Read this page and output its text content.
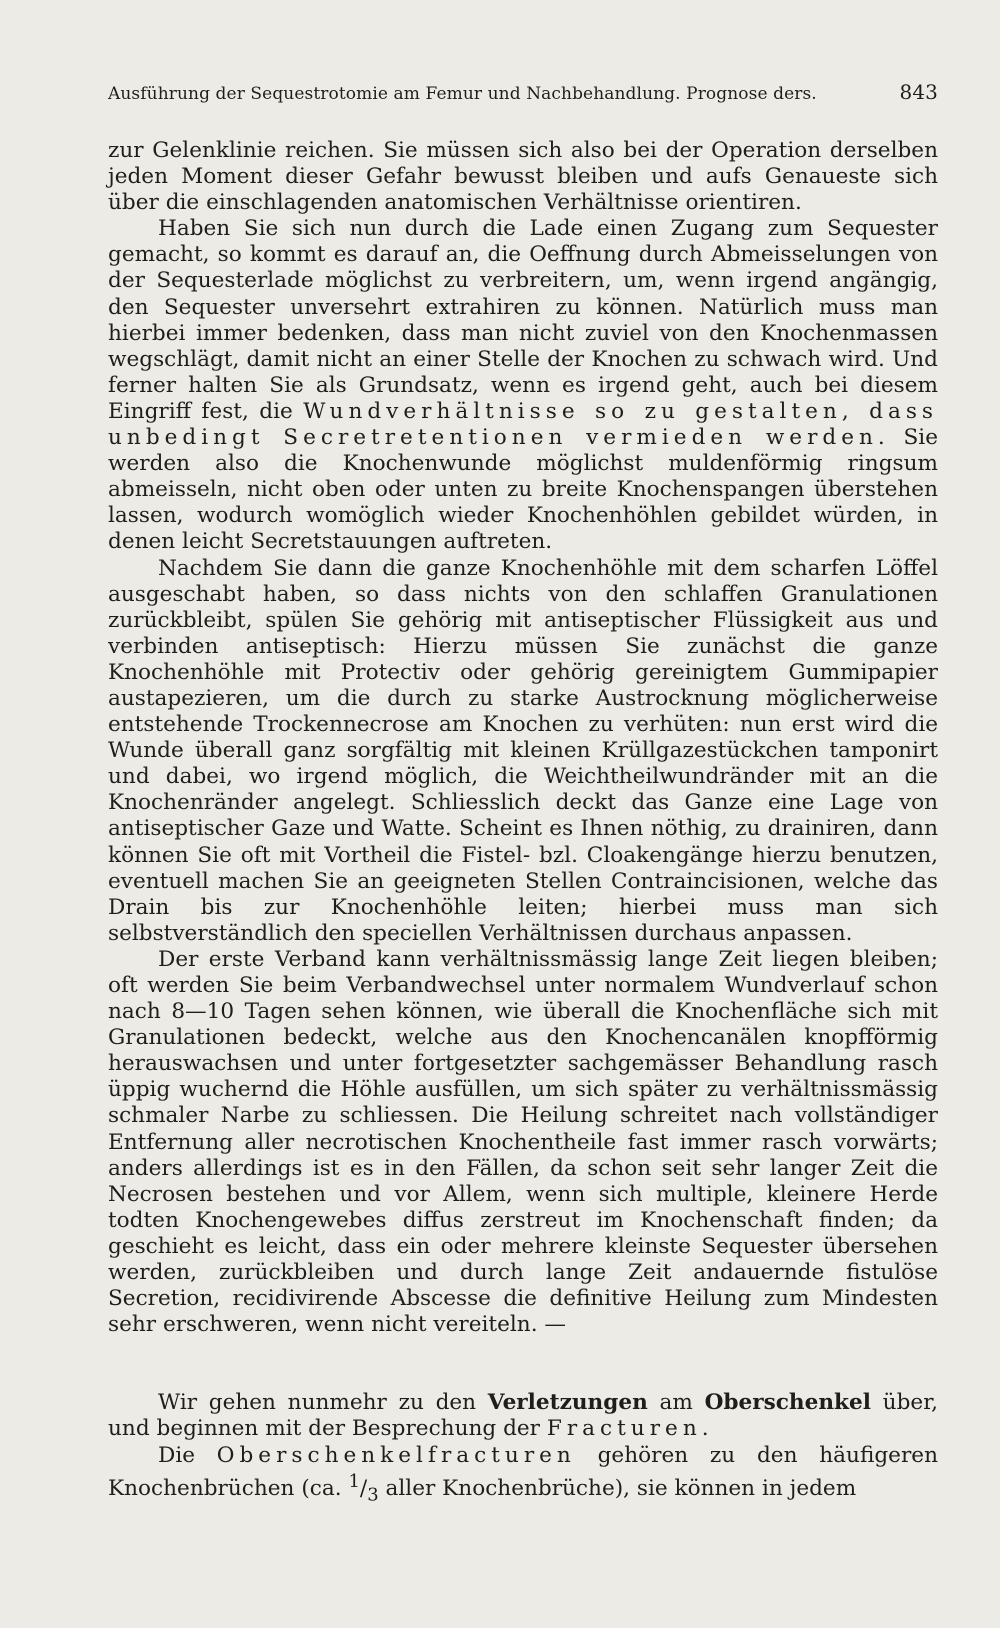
Ausführung der Sequestrotomie am Femur und Nachbehandlung. Prognose ders.	843

zur Gelenklinie reichen. Sie müssen sich also bei der Operation derselben jeden Moment dieser Gefahr bewusst bleiben und aufs Genaueste sich über die einschlagenden anatomischen Verhältnisse orientiren.

Haben Sie sich nun durch die Lade einen Zugang zum Sequester gemacht, so kommt es darauf an, die Oeffnung durch Abmeisselungen von der Sequesterlade möglichst zu verbreitern, um, wenn irgend angängig, den Sequester unversehrt extrahiren zu können. Natürlich muss man hierbei immer bedenken, dass man nicht zuviel von den Knochenmassen wegschlägt, damit nicht an einer Stelle der Knochen zu schwach wird. Und ferner halten Sie als Grundsatz, wenn es irgend geht, auch bei diesem Eingriff fest, die Wundverhältnisse so zu gestalten, dass unbedingt Secretretentionen vermieden werden. Sie werden also die Knochenwunde möglichst muldenförmig ringsum abmeisseln, nicht oben oder unten zu breite Knochenspangen überstehen lassen, wodurch womöglich wieder Knochenhöhlen gebildet würden, in denen leicht Secretstauungen auftreten.

Nachdem Sie dann die ganze Knochenhöhle mit dem scharfen Löffel ausgeschabt haben, so dass nichts von den schlaffen Granulationen zurückbleibt, spülen Sie gehörig mit antiseptischer Flüssigkeit aus und verbinden antiseptisch: Hierzu müssen Sie zunächst die ganze Knochenhöhle mit Protectiv oder gehörig gereinigtem Gummipapier austapezieren, um die durch zu starke Austrocknung möglicherweise entstehende Trockennecrose am Knochen zu verhüten: nun erst wird die Wunde überall ganz sorgfältig mit kleinen Krüllgazestückchen tamponirt und dabei, wo irgend möglich, die Weichtheilwundränder mit an die Knochenränder angelegt. Schliesslich deckt das Ganze eine Lage von antiseptischer Gaze und Watte. Scheint es Ihnen nöthig, zu drainiren, dann können Sie oft mit Vortheil die Fistel- bzl. Cloakengänge hierzu benutzen, eventuell machen Sie an geeigneten Stellen Contraincisionen, welche das Drain bis zur Knochenhöhle leiten; hierbei muss man sich selbstverständlich den speciellen Verhältnissen durchaus anpassen.

Der erste Verband kann verhältnissmässig lange Zeit liegen bleiben; oft werden Sie beim Verbandwechsel unter normalem Wundverlauf schon nach 8—10 Tagen sehen können, wie überall die Knochenfläche sich mit Granulationen bedeckt, welche aus den Knochencanälen knopfförmig herauswachsen und unter fortgesetzter sachgemässer Behandlung rasch üppig wuchernd die Höhle ausfüllen, um sich später zu verhältnissmässig schmaler Narbe zu schliessen. Die Heilung schreitet nach vollständiger Entfernung aller necrotischen Knochentheile fast immer rasch vorwärts; anders allerdings ist es in den Fällen, da schon seit sehr langer Zeit die Necrosen bestehen und vor Allem, wenn sich multiple, kleinere Herde todten Knochengewebes diffus zerstreut im Knochenschaft finden; da geschieht es leicht, dass ein oder mehrere kleinste Sequester übersehen werden, zurückbleiben und durch lange Zeit andauernde fistulöse Secretion, recidivirende Abscesse die definitive Heilung zum Mindesten sehr erschweren, wenn nicht vereiteln. —

Wir gehen nunmehr zu den Verletzungen am Oberschenkel über, und beginnen mit der Besprechung der Fracturen.

Die Oberschenkelfracturen gehören zu den häufigeren Knochenbrüchen (ca. $^1/_3$ aller Knochenbrüche), sie können in jedem
